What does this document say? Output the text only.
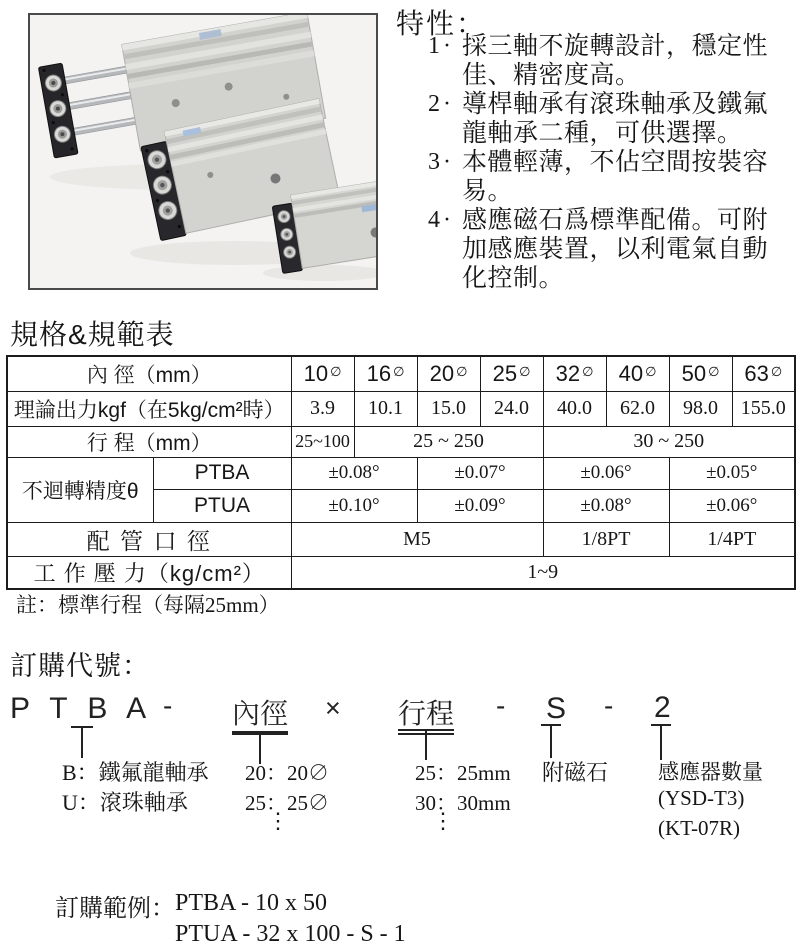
特性：
1· 採三軸不旋轉設計，穩定性佳、精密度高。
2· 導桿軸承有滾珠軸承及鐵氟龍軸承二種，可供選擇。
3· 本體輕薄，不佔空間按裝容易。
4· 感應磁石爲標準配備。可附加感應裝置，以利電氣自動化控制。
規格&規範表
內 徑（mm）		10 ∅	16 ∅	20 ∅	25 ∅	32 ∅	40 ∅	50 ∅	63 ∅
理論出力kgf（在5kg/cm²時）		3.9	10.1	15.0	24.0	40.0	62.0	98.0	155.0
行 程（mm）		25~100	25 ~ 250			30 ~ 250			
不迴轉精度θ	PTBA	±0.08°		±0.07°		±0.06°		±0.05°	
	PTUA	±0.10°		±0.09°		±0.08°		±0.06°	
配 管 口 徑		M5				1/8PT		1/4PT	
工 作 壓 力（kg/cm²）		1~9							
註：標準行程（每隔25mm）
訂購代號：
P T B A - 內徑 × 行程 - S - 2
B：鐵氟龍軸承
U：滾珠軸承
20：20∅
25：25∅
⋮
25：25mm
30：30mm
⋮
附磁石 感應器數量
(YSD-T3)
(KT-07R)
訂購範例： PTBA - 10 x 50
PTUA - 32 x 100 - S - 1
